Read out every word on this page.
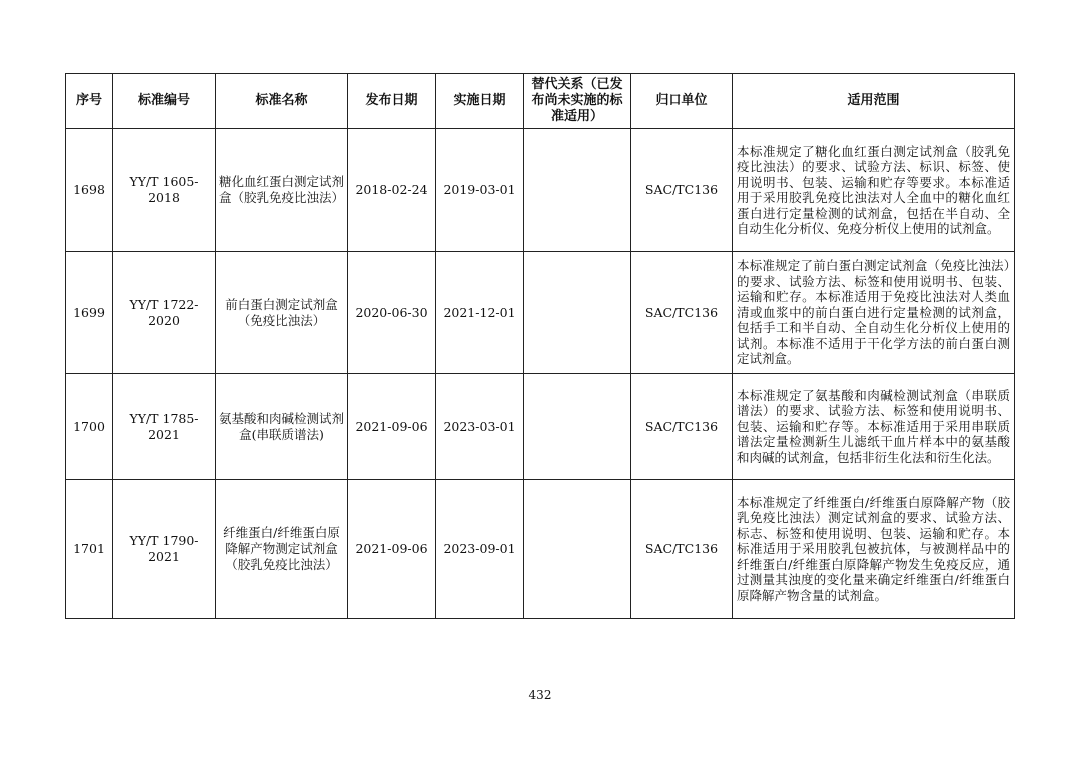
序号	标准编号	标准名称	发布日期	实施日期	替代关系（已发布尚未实施的标准适用）	归口单位	适用范围
1698	YY/T 1605-2018	糖化血红蛋白测定试剂盒（胶乳免疫比浊法）	2018-02-24	2019-03-01		SAC/TC136	本标准规定了糖化血红蛋白测定试剂盒（胶乳免疫比浊法）的要求、试验方法、标识、标签、使用说明书、包装、运输和贮存等要求。本标准适用于采用胶乳免疫比浊法对人全血中的糖化血红蛋白进行定量检测的试剂盒，包括在半自动、全自动生化分析仪、免疫分析仪上使用的试剂盒。
1699	YY/T 1722-2020	前白蛋白测定试剂盒（免疫比浊法）	2020-06-30	2021-12-01		SAC/TC136	本标准规定了前白蛋白测定试剂盒（免疫比浊法）的要求、试验方法、标签和使用说明书、包装、运输和贮存。本标准适用于免疫比浊法对人类血清或血浆中的前白蛋白进行定量检测的试剂盒，包括手工和半自动、全自动生化分析仪上使用的试剂。本标准不适用于干化学方法的前白蛋白测定试剂盒。
1700	YY/T 1785-2021	氨基酸和肉碱检测试剂盒(串联质谱法)	2021-09-06	2023-03-01		SAC/TC136	本标准规定了氨基酸和肉碱检测试剂盒（串联质谱法）的要求、试验方法、标签和使用说明书、包装、运输和贮存等。本标准适用于采用串联质谱法定量检测新生儿滤纸干血片样本中的氨基酸和肉碱的试剂盒，包括非衍生化法和衍生化法。
1701	YY/T 1790-2021	纤维蛋白/纤维蛋白原降解产物测定试剂盒（胶乳免疫比浊法）	2021-09-06	2023-09-01		SAC/TC136	本标准规定了纤维蛋白/纤维蛋白原降解产物（胶乳免疫比浊法）测定试剂盒的要求、试验方法、标志、标签和使用说明、包装、运输和贮存。本标准适用于采用胶乳包被抗体，与被测样品中的纤维蛋白/纤维蛋白原降解产物发生免疫反应，通过测量其浊度的变化量来确定纤维蛋白/纤维蛋白原降解产物含量的试剂盒。
432
